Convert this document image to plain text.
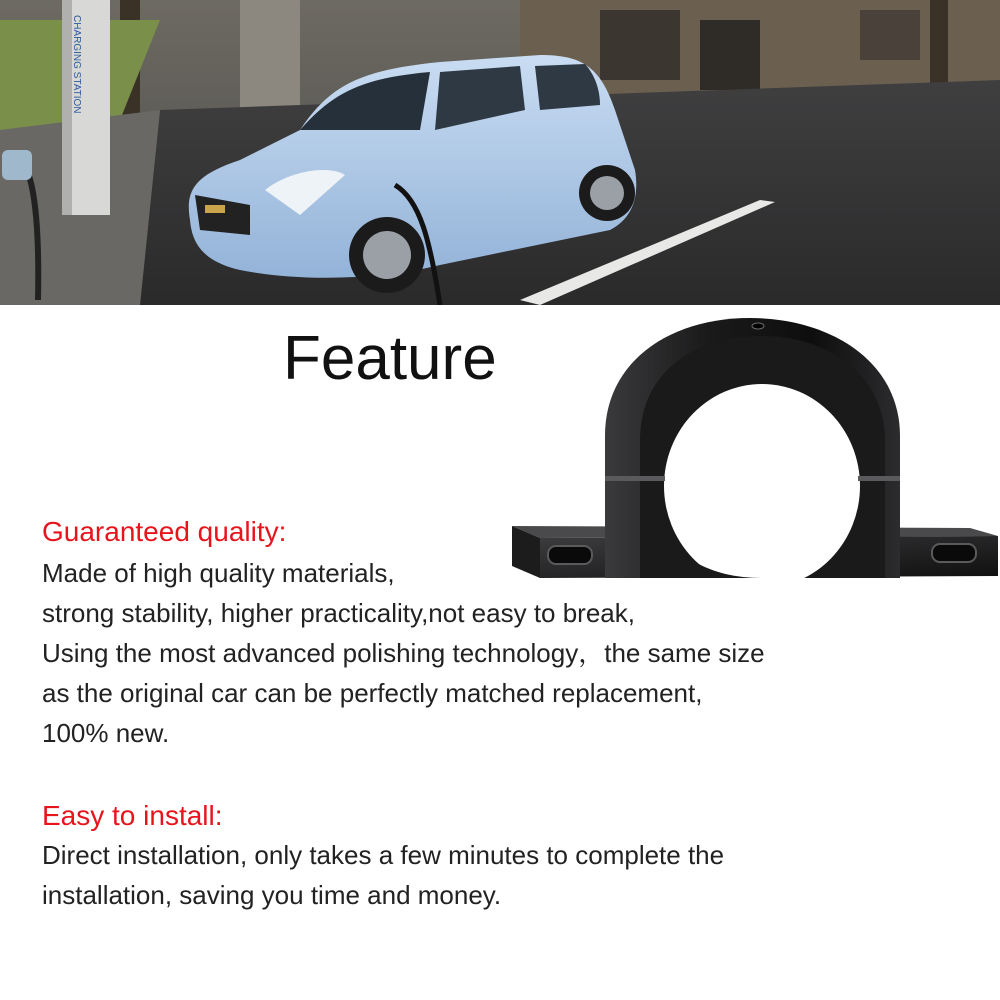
CHARGING STATION
Feature
Guaranteed quality:
Made of high quality materials,
strong stability, higher practicality,not easy to break,
Using the most advanced polishing technology，the same size
as the original car can be perfectly matched replacement,
100% new.
Easy to install:
Direct installation, only takes a few minutes to complete the
installation, saving you time and money.
